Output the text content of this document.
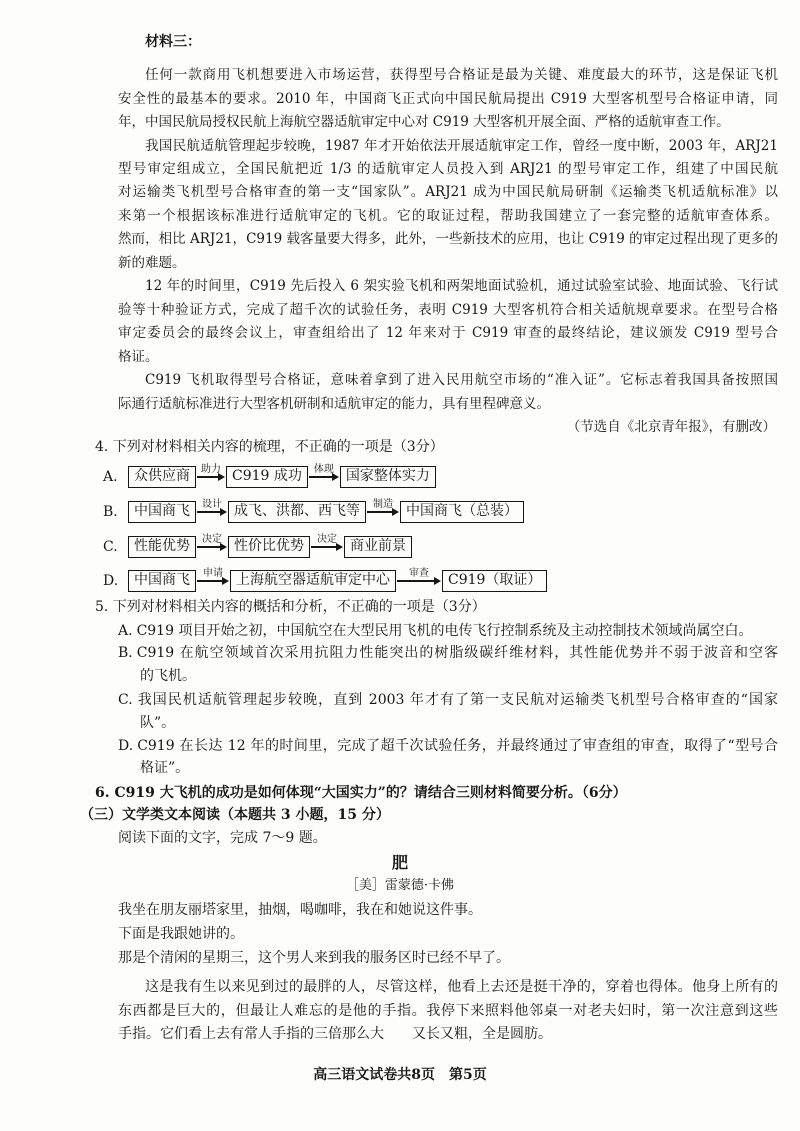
材料三：
任何一款商用飞机想要进入市场运营，获得型号合格证是最为关键、难度最大的环节，这是保证飞机
安全性的最基本的要求。2010 年，中国商飞正式向中国民航局提出 C919 大型客机型号合格证申请，同
年，中国民航局授权民航上海航空器适航审定中心对 C919 大型客机开展全面、严格的适航审查工作。
我国民航适航管理起步较晚，1987 年才开始依法开展适航审定工作，曾经一度中断，2003 年，ARJ21
型号审定组成立，全国民航把近 1/3 的适航审定人员投入到 ARJ21 的型号审定工作，组建了中国民航
对运输类飞机型号合格审查的第一支“国家队”。ARJ21 成为中国民航局研制《运输类飞机适航标准》以
来第一个根据该标准进行适航审定的飞机。它的取证过程，帮助我国建立了一套完整的适航审查体系。
然而，相比 ARJ21，C919 载客量要大得多，此外，一些新技术的应用，也让 C919 的审定过程出现了更多的
新的难题。
12 年的时间里，C919 先后投入 6 架实验飞机和两架地面试验机，通过试验室试验、地面试验、飞行试
验等十种验证方式，完成了超千次的试验任务，表明 C919 大型客机符合相关适航规章要求。在型号合格
审定委员会的最终会议上，审查组给出了 12 年来对于 C919 审查的最终结论，建议颁发 C919 型号合
格证。
C919 飞机取得型号合格证，意味着拿到了进入民用航空市场的“准入证”。它标志着我国具备按照国
际通行适航标准进行大型客机研制和适航审定的能力，具有里程碑意义。
（节选自《北京青年报》，有删改）
4. 下列对材料相关内容的梳理，不正确的一项是（3分）
A.	众供应商	助力 C919 成功	体现 国家整体实力
B.	中国商飞	设计 成飞、洪都、西飞等	制造 中国商飞（总装）
C.	性能优势	决定 性价比优势	决定 商业前景
D.	中国商飞	申请 上海航空器适航审定中心	审查	C919（取证）
5. 下列对材料相关内容的概括和分析，不正确的一项是（3分）
A. C919 项目开始之初，中国航空在大型民用飞机的电传飞行控制系统及主动控制技术领域尚属空白。
B. C919 在航空领域首次采用抗阻力性能突出的树脂级碳纤维材料，其性能优势并不弱于波音和空客
的飞机。
C. 我国民机适航管理起步较晚，直到 2003 年才有了第一支民航对运输类飞机型号合格审查的“国家
队”。
D. C919 在长达 12 年的时间里，完成了超千次试验任务，并最终通过了审查组的审查，取得了“型号合
格证”。
6. C919 大飞机的成功是如何体现“大国实力”的？请结合三则材料简要分析。（6分）
（三）文学类文本阅读（本题共 3 小题，15 分）
阅读下面的文字，完成 7～9 题。
肥
［美］雷蒙德·卡佛
我坐在朋友丽塔家里，抽烟，喝咖啡，我在和她说这件事。
下面是我跟她讲的。
那是个清闲的星期三，这个男人来到我的服务区时已经不早了。
这是我有生以来见到过的最胖的人，尽管这样，他看上去还是挺干净的，穿着也得体。他身上所有的
东西都是巨大的，但最让人难忘的是他的手指。我停下来照料他邻桌一对老夫妇时，第一次注意到这些
手指。它们看上去有常人手指的三倍那么大　　又长又粗，全是圆肪。
高三语文试卷共8页　第5页
